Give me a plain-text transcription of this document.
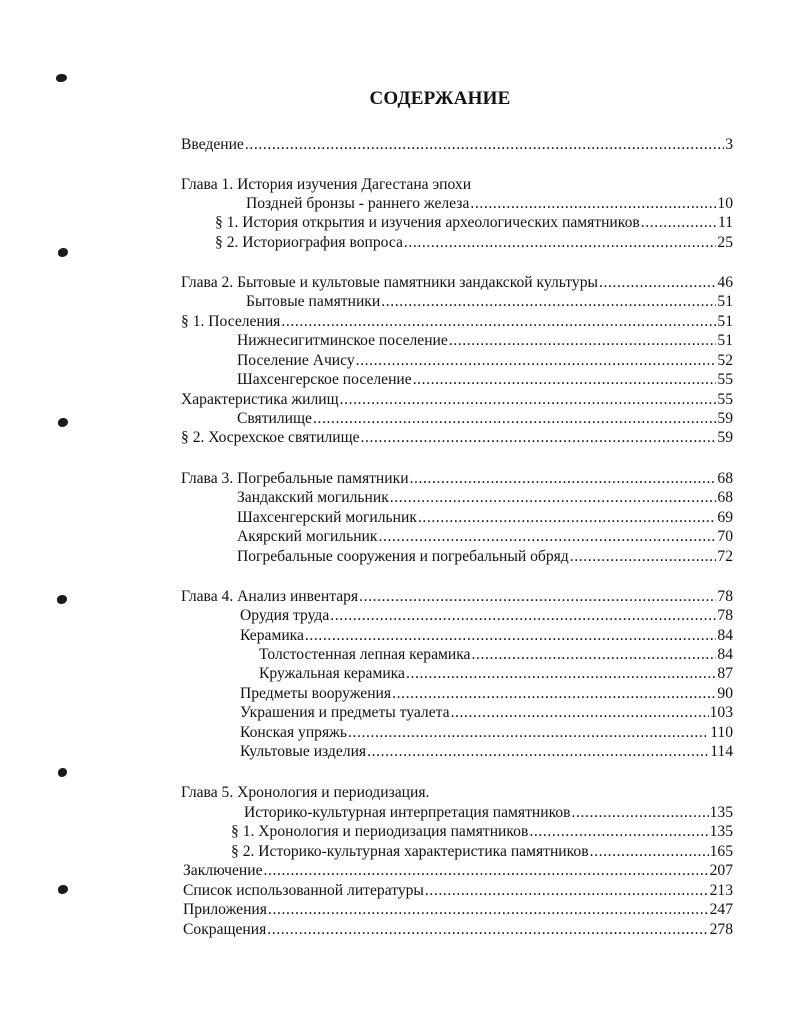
СОДЕРЖАНИЕ
Введение .....	3
Глава 1. История изучения Дагестана эпохи
Поздней бронзы - раннего железа .....	10
§ 1. История открытия и изучения археологических памятников .....	11
§ 2. Историография вопроса .....	25
Глава 2. Бытовые и культовые памятники зандакской культуры .....	46
Бытовые памятники .....	51
§ 1. Поселения .....	51
Нижнесигитминское поселение .....	51
Поселение Ачису .....	52
Шахсенгерское поселение .....	55
Характеристика жилищ .....	55
Святилище .....	59
§ 2. Хосрехское святилище .....	59
Глава 3. Погребальные памятники .....	68
Зандакский могильник .....	68
Шахсенгерский могильник .....	69
Акярский могильник .....	70
Погребальные сооружения и погребальный обряд .....	72
Глава 4. Анализ инвентаря .....	78
Орудия труда .....	78
Керамика .....	84
Толстостенная лепная керамика .....	84
Кружальная керамика .....	87
Предметы вооружения .....	90
Украшения и предметы туалета .....	103
Конская упряжь .....	110
Культовые изделия .....	114
Глава 5. Хронология и периодизация.
Историко-культурная интерпретация памятников .....	135
§ 1. Хронология и периодизация памятников .....	135
§ 2. Историко-культурная характеристика памятников .....	165
Заключение .....	207
Список использованной литературы .....	213
Приложения .....	247
Сокращения .....	278
